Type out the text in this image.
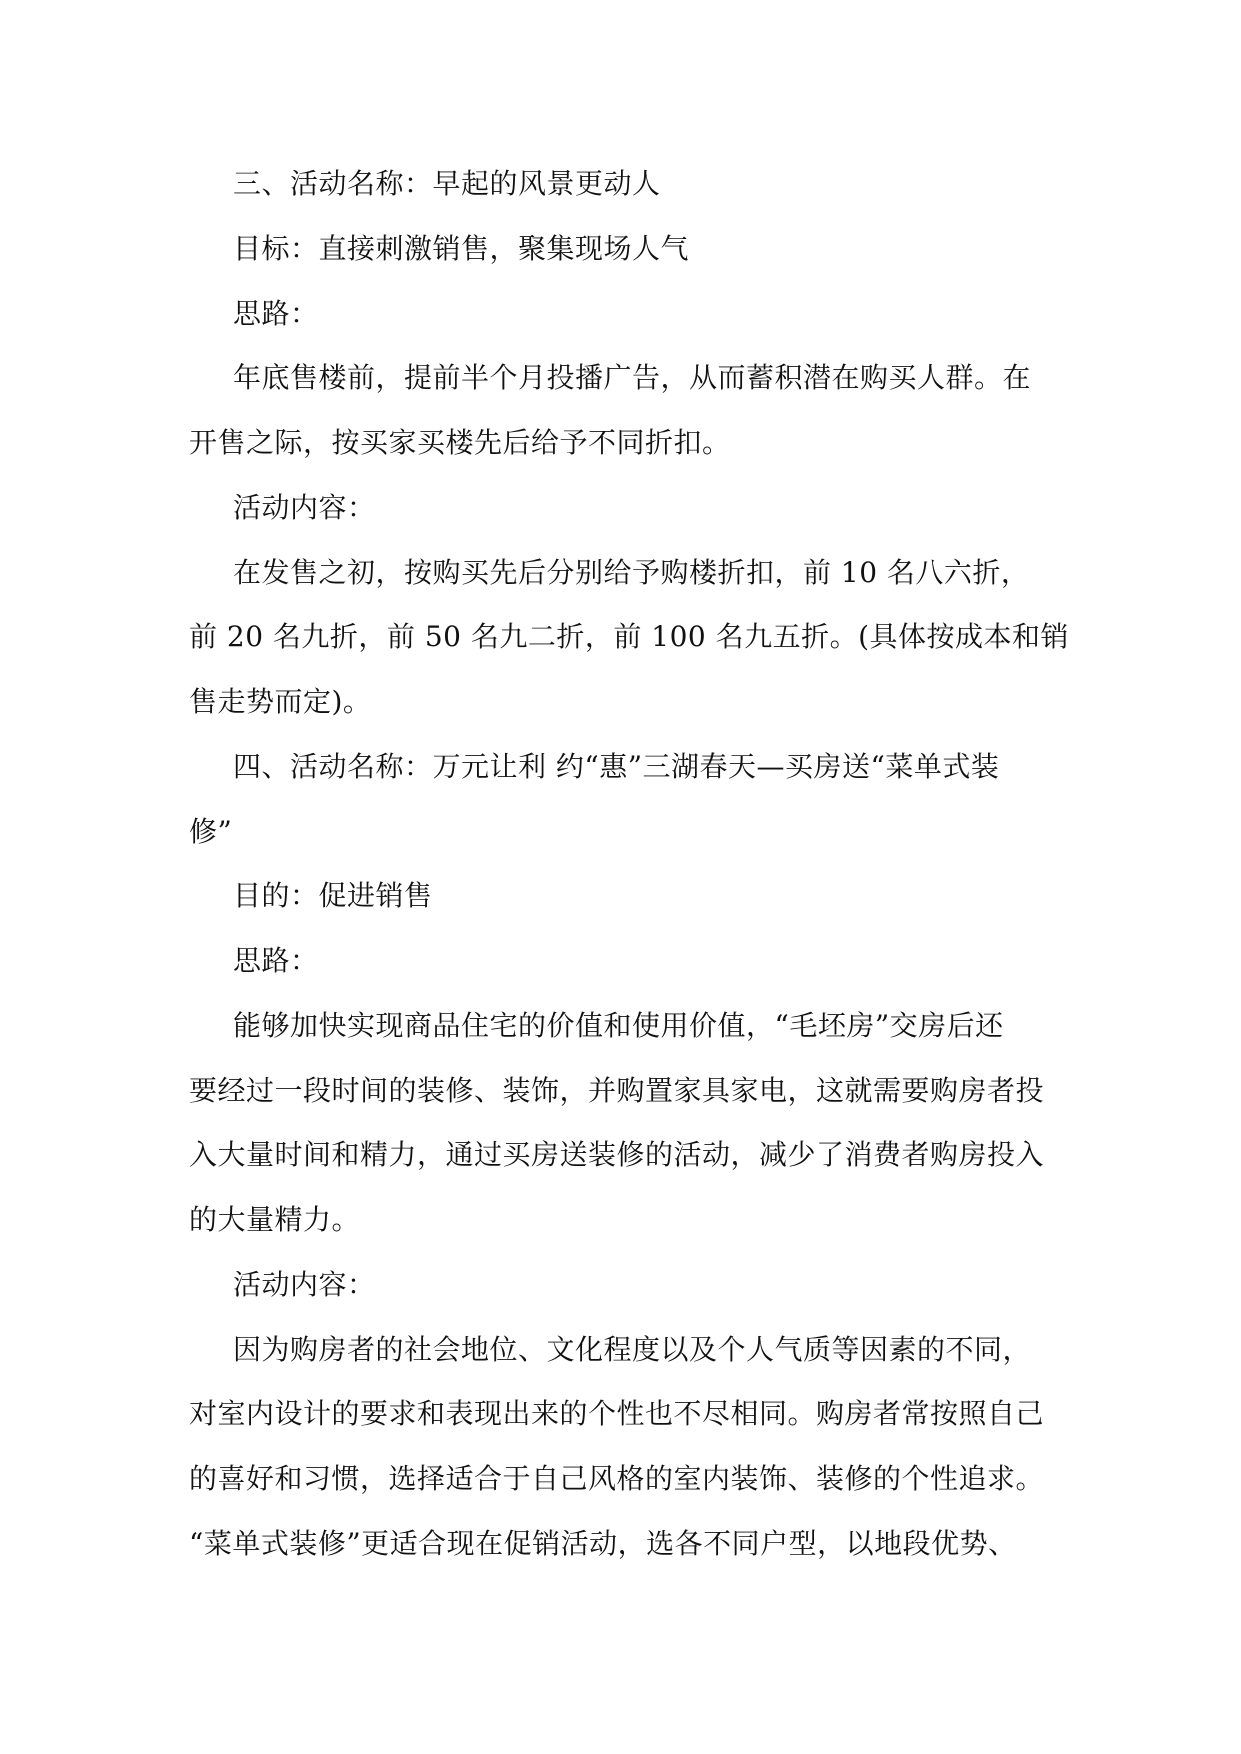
三、活动名称：早起的风景更动人
目标：直接刺激销售，聚集现场人气
思路：
年底售楼前，提前半个月投播广告，从而蓄积潜在购买人群。在
开售之际，按买家买楼先后给予不同折扣。
活动内容：
在发售之初，按购买先后分别给予购楼折扣，前 10 名八六折，
前 20 名九折，前 50 名九二折，前 100 名九五折。(具体按成本和销
售走势而定)。
四、活动名称：万元让利 约“惠”三湖春天—买房送“菜单式装
修”
目的：促进销售
思路：
能够加快实现商品住宅的价值和使用价值，“毛坯房”交房后还
要经过一段时间的装修、装饰，并购置家具家电，这就需要购房者投
入大量时间和精力，通过买房送装修的活动，减少了消费者购房投入
的大量精力。
活动内容：
因为购房者的社会地位、文化程度以及个人气质等因素的不同，
对室内设计的要求和表现出来的个性也不尽相同。购房者常按照自己
的喜好和习惯，选择适合于自己风格的室内装饰、装修的个性追求。
“菜单式装修”更适合现在促销活动，选各不同户型，以地段优势、
